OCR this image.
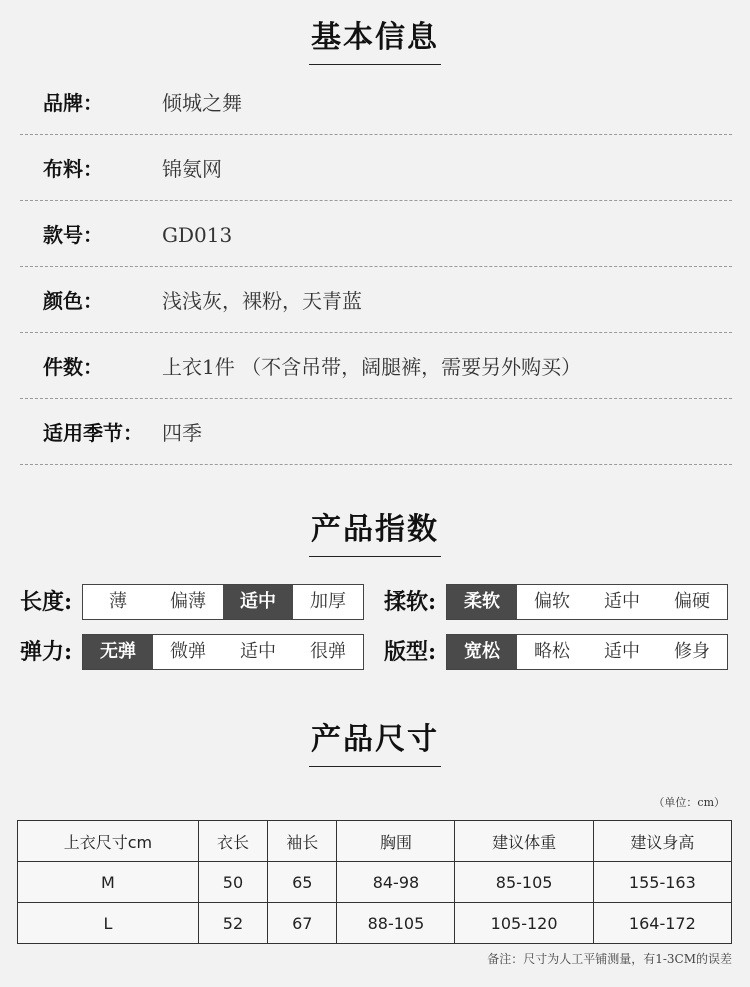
基本信息
品牌：	倾城之舞
布料：	锦氨网
款号：	GD013
颜色：	浅浅灰，裸粉，天青蓝
件数：	上衣1件 （不含吊带，阔腿裤，需要另外购买）
适用季节： 四季
产品指数
长度:	薄	偏薄	适中	加厚	揉软:	柔软	偏软	适中	偏硬
弹力:	无弹	微弹	适中	很弹	版型:	宽松	略松	适中	修身
产品尺寸
（单位：cm）
上衣尺寸cm	衣长	袖长	胸围	建议体重	建议身高
M	50	65	84-98	85-105	155-163
L	52	67	88-105	105-120	164-172
备注：尺寸为人工平铺测量，有1-3CM的误差
